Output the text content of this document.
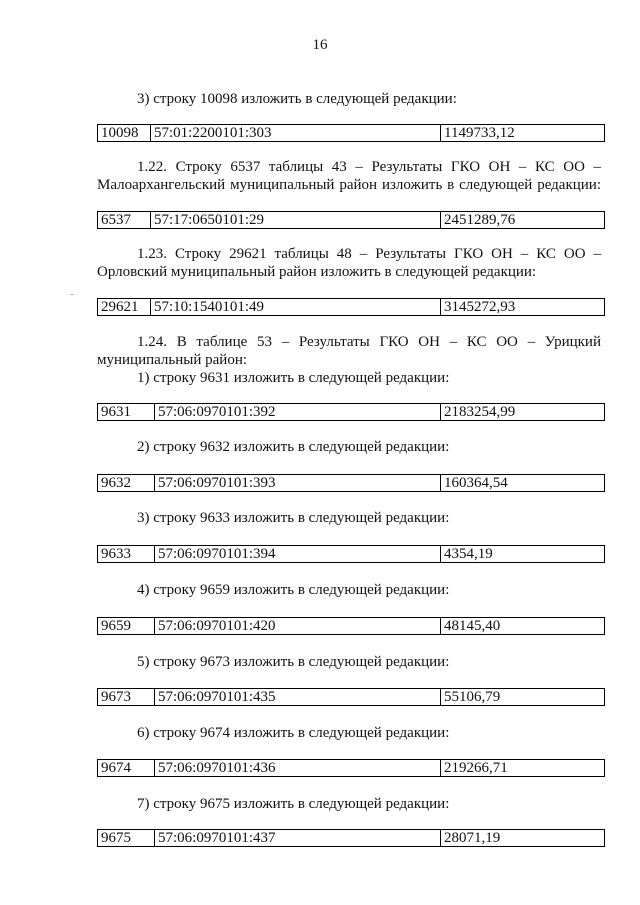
16
3) строку 10098 изложить в следующей редакции:
10098	57:01:2200101:303	1149733,12
1.22. Строку 6537 таблицы 43 – Результаты ГКО ОН – КС ОО –
Малоархангельский муниципальный район изложить в следующей редакции:
6537	57:17:0650101:29	2451289,76
1.23. Строку 29621 таблицы 48 – Результаты ГКО ОН – КС ОО –
Орловский муниципальный район изложить в следующей редакции:
29621	57:10:1540101:49	3145272,93
1.24. В таблице 53 – Результаты ГКО ОН – КС ОО – Урицкий
муниципальный район:
1) строку 9631 изложить в следующей редакции:
9631	57:06:0970101:392	2183254,99
2) строку 9632 изложить в следующей редакции:
9632	57:06:0970101:393	160364,54
3) строку 9633 изложить в следующей редакции:
9633	57:06:0970101:394	4354,19
4) строку 9659 изложить в следующей редакции:
9659	57:06:0970101:420	48145,40
5) строку 9673 изложить в следующей редакции:
9673	57:06:0970101:435	55106,79
6) строку 9674 изложить в следующей редакции:
9674	57:06:0970101:436	219266,71
7) строку 9675 изложить в следующей редакции:
9675	57:06:0970101:437	28071,19
